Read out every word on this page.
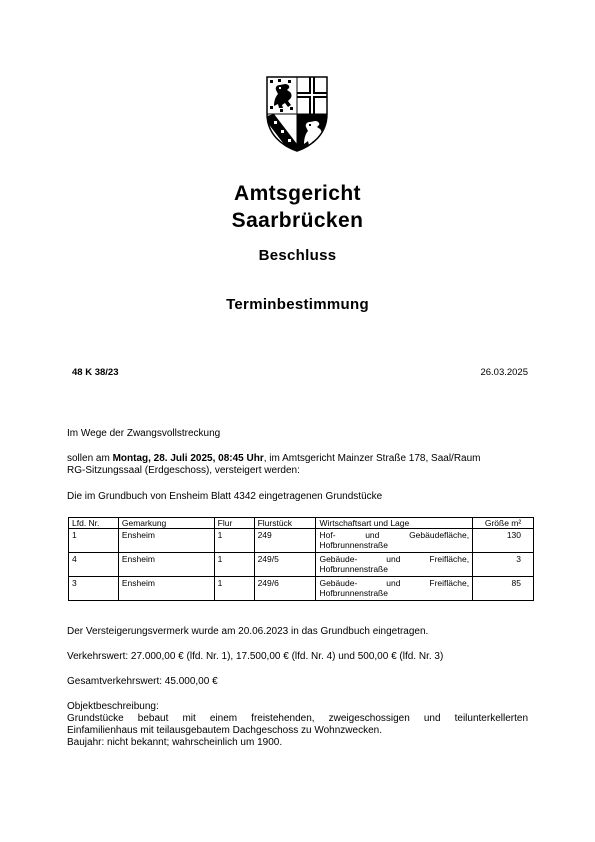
Amtsgericht
Saarbrücken
Beschluss
Terminbestimmung
48 K 38/23	26.03.2025
Im Wege der Zwangsvollstreckung
sollen am Montag, 28. Juli 2025, 08:45 Uhr, im Amtsgericht Mainzer Straße 178, Saal/Raum
RG-Sitzungssaal (Erdgeschoss), versteigert werden:
Die im Grundbuch von Ensheim Blatt 4342 eingetragenen Grundstücke
Lfd. Nr.	Gemarkung	Flur	Flurstück	Wirtschaftsart und Lage	Größe m²
1	Ensheim	1	249	Hof- und Gebäudefläche,
Hofbrunnenstraße	130
4	Ensheim	1	249/5	Gebäude- und Freifläche,
Hofbrunnenstraße	3
3	Ensheim	1	249/6	Gebäude- und Freifläche,
Hofbrunnenstraße	85
Der Versteigerungsvermerk wurde am 20.06.2023 in das Grundbuch eingetragen.
Verkehrswert: 27.000,00 € (lfd. Nr. 1), 17.500,00 € (lfd. Nr. 4) und 500,00 € (lfd. Nr. 3)
Gesamtverkehrswert: 45.000,00 €
Objektbeschreibung:
Grundstücke bebaut mit einem freistehenden, zweigeschossigen und teilunterkellerten
Einfamilienhaus mit teilausgebautem Dachgeschoss zu Wohnzwecken.
Baujahr: nicht bekannt; wahrscheinlich um 1900.
